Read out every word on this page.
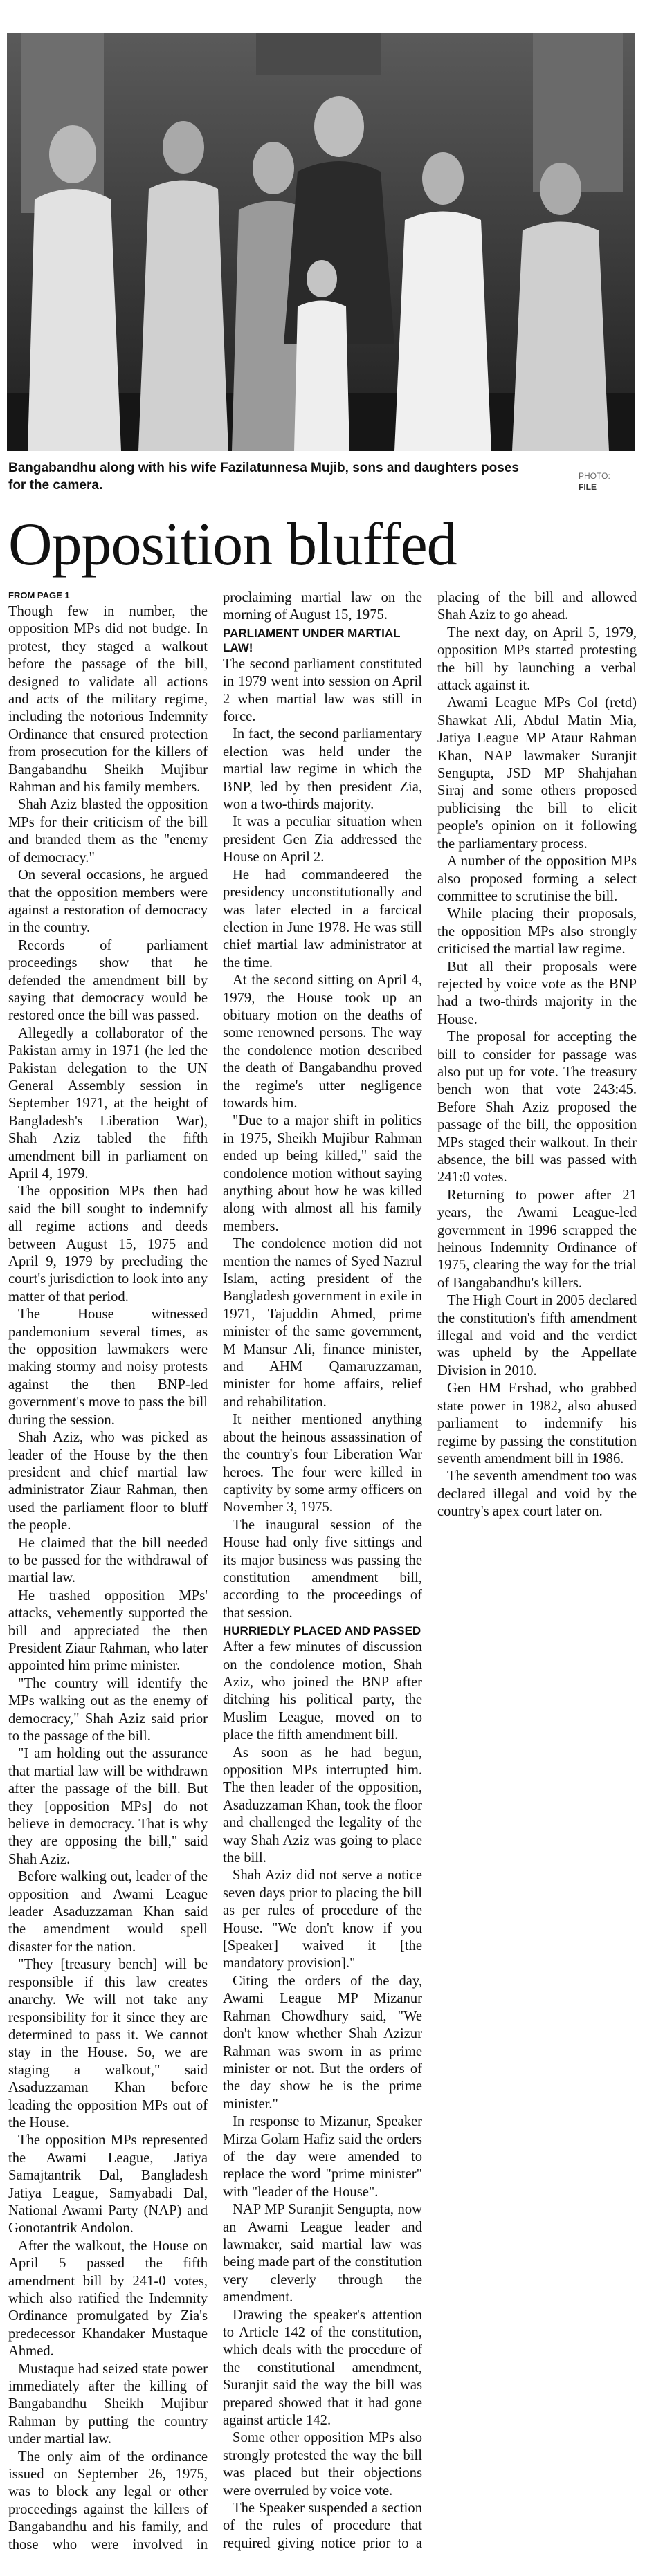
Bangabandhu along with his wife Fazilatunnesa Mujib, sons and daughters poses for the camera.
PHOTO:
FILE
Opposition bluffed
FROM PAGE 1

Though few in number, the opposition MPs did not budge. In protest, they staged a walkout before the passage of the bill, designed to validate all actions and acts of the military regime, including the notorious Indemnity Ordinance that ensured protection from prosecution for the killers of Bangabandhu Sheikh Mujibur Rahman and his family members.

Shah Aziz blasted the opposition MPs for their criticism of the bill and branded them as the "enemy of democracy."

On several occasions, he argued that the opposition members were against a restoration of democracy in the country.

Records of parliament proceedings show that he defended the amendment bill by saying that democracy would be restored once the bill was passed.

Allegedly a collaborator of the Pakistan army in 1971 (he led the Pakistan delegation to the UN General Assembly session in September 1971, at the height of Bangladesh's Liberation War), Shah Aziz tabled the fifth amendment bill in parliament on April 4, 1979.

The opposition MPs then had said the bill sought to indemnify all regime actions and deeds between August 15, 1975 and April 9, 1979 by precluding the court's jurisdiction to look into any matter of that period.

The House witnessed pandemonium several times, as the opposition lawmakers were making stormy and noisy protests against the then BNP-led government's move to pass the bill during the session.

Shah Aziz, who was picked as leader of the House by the then president and chief martial law administrator Ziaur Rahman, then used the parliament floor to bluff the people.

He claimed that the bill needed to be passed for the withdrawal of martial law.

He trashed opposition MPs' attacks, vehemently supported the bill and appreciated the then President Ziaur Rahman, who later appointed him prime minister.

"The country will identify the MPs walking out as the enemy of democracy," Shah Aziz said prior to the passage of the bill.

"I am holding out the assurance that martial law will be withdrawn after the passage of the bill. But they [opposition MPs] do not believe in democracy. That is why they are opposing the bill," said Shah Aziz.

Before walking out, leader of the opposition and Awami League leader Asaduzzaman Khan said the amendment would spell disaster for the nation.

"They [treasury bench] will be responsible if this law creates anarchy. We will not take any responsibility for it since they are determined to pass it. We cannot stay in the House. So, we are staging a walkout," said Asaduzzaman Khan before leading the opposition MPs out of the House.

The opposition MPs represented the Awami League, Jatiya Samajtantrik Dal, Bangladesh Jatiya League, Samyabadi Dal, National Awami Party (NAP) and Gonotantrik Andolon.

After the walkout, the House on April 5 passed the fifth amendment bill by 241-0 votes, which also ratified the Indemnity Ordinance promulgated by Zia's predecessor Khandaker Mustaque Ahmed.

Mustaque had seized state power immediately after the killing of Bangabandhu Sheikh Mujibur Rahman by putting the country under martial law.

The only aim of the ordinance issued on September 26, 1975, was to block any legal or other proceedings against the killers of Bangabandhu and his family, and those who were involved in proclaiming martial law on the morning of August 15, 1975.

PARLIAMENT UNDER MARTIAL LAW!

The second parliament constituted in 1979 went into session on April 2 when martial law was still in force.

In fact, the second parliamentary election was held under the martial law regime in which the BNP, led by then president Zia, won a two-thirds majority.

It was a peculiar situation when president Gen Zia addressed the House on April 2.

He had commandeered the presidency unconstitutionally and was later elected in a farcical election in June 1978. He was still chief martial law administrator at the time.

At the second sitting on April 4, 1979, the House took up an obituary motion on the deaths of some renowned persons. The way the condolence motion described the death of Bangabandhu proved the regime's utter negligence towards him.

"Due to a major shift in politics in 1975, Sheikh Mujibur Rahman ended up being killed," said the condolence motion without saying anything about how he was killed along with almost all his family members.

The condolence motion did not mention the names of Syed Nazrul Islam, acting president of the Bangladesh government in exile in 1971, Tajuddin Ahmed, prime minister of the same government, M Mansur Ali, finance minister, and AHM Qamaruzzaman, minister for home affairs, relief and rehabilitation.

It neither mentioned anything about the heinous assassination of the country's four Liberation War heroes. The four were killed in captivity by some army officers on November 3, 1975.

The inaugural session of the House had only five sittings and its major business was passing the constitution amendment bill, according to the proceedings of that session.

HURRIEDLY PLACED AND PASSED

After a few minutes of discussion on the condolence motion, Shah Aziz, who joined the BNP after ditching his political party, the Muslim League, moved on to place the fifth amendment bill.

As soon as he had begun, opposition MPs interrupted him. The then leader of the opposition, Asaduzzaman Khan, took the floor and challenged the legality of the way Shah Aziz was going to place the bill.

Shah Aziz did not serve a notice seven days prior to placing the bill as per rules of procedure of the House. "We don't know if you [Speaker] waived it [the mandatory provision]."

Citing the orders of the day, Awami League MP Mizanur Rahman Chowdhury said, "We don't know whether Shah Azizur Rahman was sworn in as prime minister or not. But the orders of the day show he is the prime minister."

In response to Mizanur, Speaker Mirza Golam Hafiz said the orders of the day were amended to replace the word "prime minister" with "leader of the House".

NAP MP Suranjit Sengupta, now an Awami League leader and lawmaker, said martial law was being made part of the constitution very cleverly through the amendment.

Drawing the speaker's attention to Article 142 of the constitution, which deals with the procedure of the constitutional amendment, Suranjit said the way the bill was prepared showed that it had gone against article 142.

Some other opposition MPs also strongly protested the way the bill was placed but their objections were overruled by voice vote.

The Speaker suspended a section of the rules of procedure that required giving notice prior to a placing of the bill and allowed Shah Aziz to go ahead.

The next day, on April 5, 1979, opposition MPs started protesting the bill by launching a verbal attack against it.

Awami League MPs Col (retd) Shawkat Ali, Abdul Matin Mia, Jatiya League MP Ataur Rahman Khan, NAP lawmaker Suranjit Sengupta, JSD MP Shahjahan Siraj and some others proposed publicising the bill to elicit people's opinion on it following the parliamentary process.

A number of the opposition MPs also proposed forming a select committee to scrutinise the bill.

While placing their proposals, the opposition MPs also strongly criticised the martial law regime.

But all their proposals were rejected by voice vote as the BNP had a two-thirds majority in the House.

The proposal for accepting the bill to consider for passage was also put up for vote. The treasury bench won that vote 243:45. Before Shah Aziz proposed the passage of the bill, the opposition MPs staged their walkout. In their absence, the bill was passed with 241:0 votes.

Returning to power after 21 years, the Awami League-led government in 1996 scrapped the heinous Indemnity Ordinance of 1975, clearing the way for the trial of Bangabandhu's killers.

The High Court in 2005 declared the constitution's fifth amendment illegal and void and the verdict was upheld by the Appellate Division in 2010.

Gen HM Ershad, who grabbed state power in 1982, also abused parliament to indemnify his regime by passing the constitution seventh amendment bill in 1986.

The seventh amendment too was declared illegal and void by the country's apex court later on.
